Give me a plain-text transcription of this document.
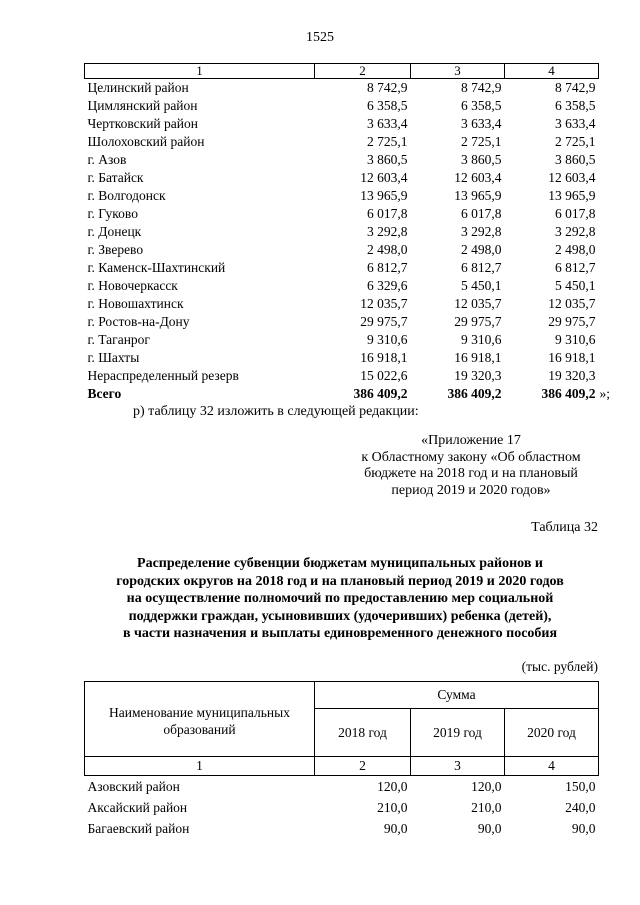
1525
1	2	3	4
Целинский район	8 742,9	8 742,9	8 742,9
Цимлянский район	6 358,5	6 358,5	6 358,5
Чертковский район	3 633,4	3 633,4	3 633,4
Шолоховский район	2 725,1	2 725,1	2 725,1
г. Азов	3 860,5	3 860,5	3 860,5
г. Батайск	12 603,4	12 603,4	12 603,4
г. Волгодонск	13 965,9	13 965,9	13 965,9
г. Гуково	6 017,8	6 017,8	6 017,8
г. Донецк	3 292,8	3 292,8	3 292,8
г. Зверево	2 498,0	2 498,0	2 498,0
г. Каменск-Шахтинский	6 812,7	6 812,7	6 812,7
г. Новочеркасск	6 329,6	5 450,1	5 450,1
г. Новошахтинск	12 035,7	12 035,7	12 035,7
г. Ростов-на-Дону	29 975,7	29 975,7	29 975,7
г. Таганрог	9 310,6	9 310,6	9 310,6
г. Шахты	16 918,1	16 918,1	16 918,1
Нераспределенный резерв	15 022,6	19 320,3	19 320,3
Всего	386 409,2	386 409,2	386 409,2 »;
р) таблицу 32 изложить в следующей редакции:
«Приложение 17
к Областному закону «Об областном
бюджете на 2018 год и на плановый
период 2019 и 2020 годов»
Таблица 32
Распределение субвенции бюджетам муниципальных районов и
городских округов на 2018 год и на плановый период 2019 и 2020 годов
на осуществление полномочий по предоставлению мер социальной
поддержки граждан, усыновивших (удочеривших) ребенка (детей),
в части назначения и выплаты единовременного денежного пособия
(тыс. рублей)
Наименование муниципальных
образований	Сумма		
	2018 год	2019 год	2020 год
1	2	3	4
Азовский район	120,0	120,0	150,0
Аксайский район	210,0	210,0	240,0
Багаевский район	90,0	90,0	90,0
